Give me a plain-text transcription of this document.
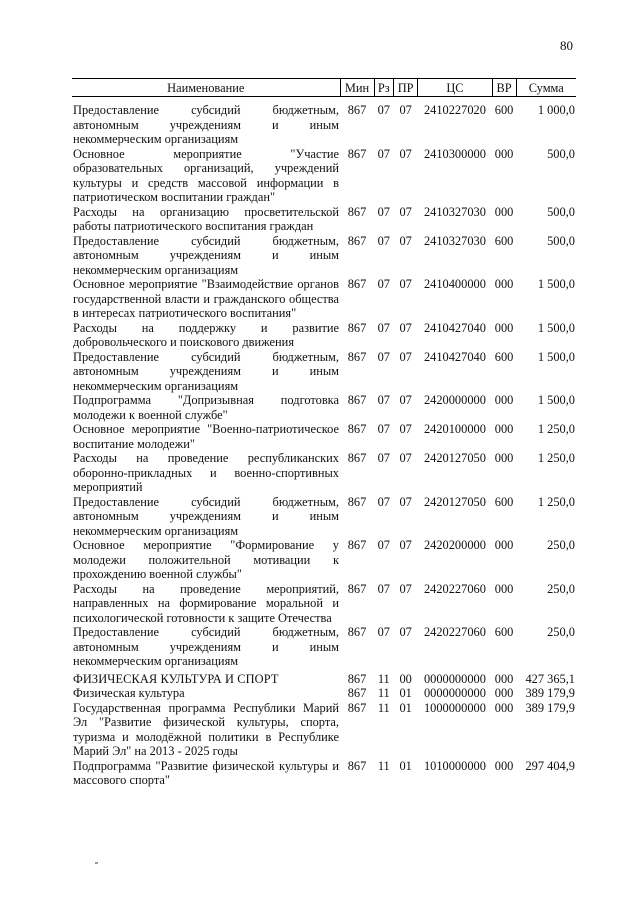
80
Наименование	Мин	Рз	ПР	ЦС	ВР	Сумма
Предоставление субсидий бюджетным, автономным учреждениям и иным некоммерческим организациям	867	07	07	2410227020	600	1 000,0
Основное мероприятие "Участие образовательных организаций, учреждений культуры и средств массовой информации в патриотическом воспитании граждан"	867	07	07	2410300000	000	500,0
Расходы на организацию просветительской работы патриотического воспитания граждан	867	07	07	2410327030	000	500,0
Предоставление субсидий бюджетным, автономным учреждениям и иным некоммерческим организациям	867	07	07	2410327030	600	500,0
Основное мероприятие "Взаимодействие органов государственной власти и гражданского общества в интересах патриотического воспитания"	867	07	07	2410400000	000	1 500,0
Расходы на поддержку и развитие добровольческого и поискового движения	867	07	07	2410427040	000	1 500,0
Предоставление субсидий бюджетным, автономным учреждениям и иным некоммерческим организациям	867	07	07	2410427040	600	1 500,0
Подпрограмма "Допризывная подготовка молодежи к военной службе"	867	07	07	2420000000	000	1 500,0
Основное мероприятие "Военно-патриотическое воспитание молодежи"	867	07	07	2420100000	000	1 250,0
Расходы на проведение республиканских оборонно-прикладных и военно-спортивных мероприятий	867	07	07	2420127050	000	1 250,0
Предоставление субсидий бюджетным, автономным учреждениям и иным некоммерческим организациям	867	07	07	2420127050	600	1 250,0
Основное мероприятие "Формирование у молодежи положительной мотивации к прохождению военной службы"	867	07	07	2420200000	000	250,0
Расходы на проведение мероприятий, направленных на формирование моральной и психологической готовности к защите Отечества	867	07	07	2420227060	000	250,0
Предоставление субсидий бюджетным, автономным учреждениям и иным некоммерческим организациям	867	07	07	2420227060	600	250,0
ФИЗИЧЕСКАЯ КУЛЬТУРА И СПОРТ	867	11	00	0000000000	000	427 365,1
Физическая культура	867	11	01	0000000000	000	389 179,9
Государственная программа Республики Марий Эл "Развитие физической культуры, спорта, туризма и молодёжной политики в Республике Марий Эл" на 2013 - 2025 годы	867	11	01	1000000000	000	389 179,9
Подпрограмма "Развитие физической культуры и массового спорта"	867	11	01	1010000000	000	297 404,9
